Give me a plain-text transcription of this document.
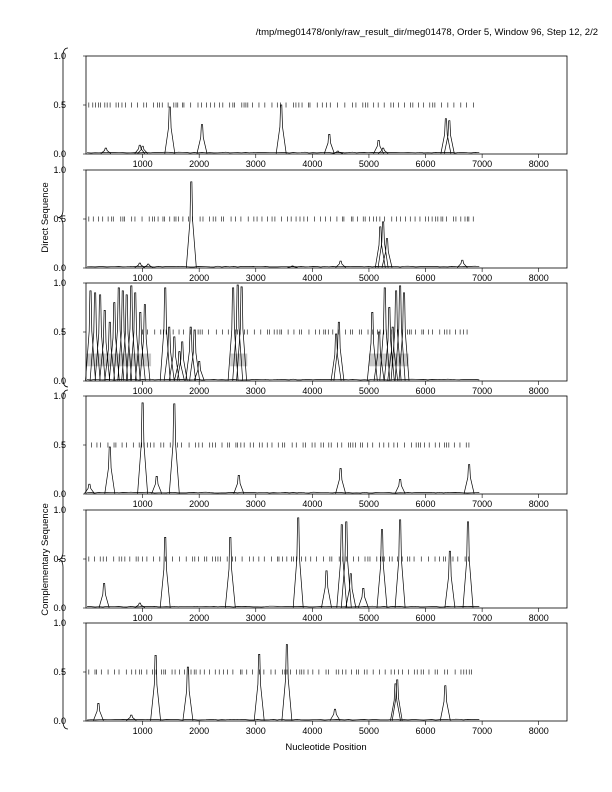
/tmp/meg01478/only/raw_result_dir/meg01478, Order 5, Window 96, Step 12, 2/2
0.0
0.5
1.0
1000	2000	3000	4000	5000	6000	7000	8000
0.0
0.5
1.0
1000	2000	3000	4000	5000	6000	7000	8000
0.0
0.5
1.0
1000	2000	3000	4000	5000	6000	7000	8000
0.0
0.5
1.0
1000	2000	3000	4000	5000	6000	7000	8000
0.0
0.5
1.0
1000	2000	3000	4000	5000	6000	7000	8000
0.0
0.5
1.0
1000	2000	3000	4000	5000	6000	7000	8000
Direct Sequence
Complementary Sequence
Nucleotide Position
